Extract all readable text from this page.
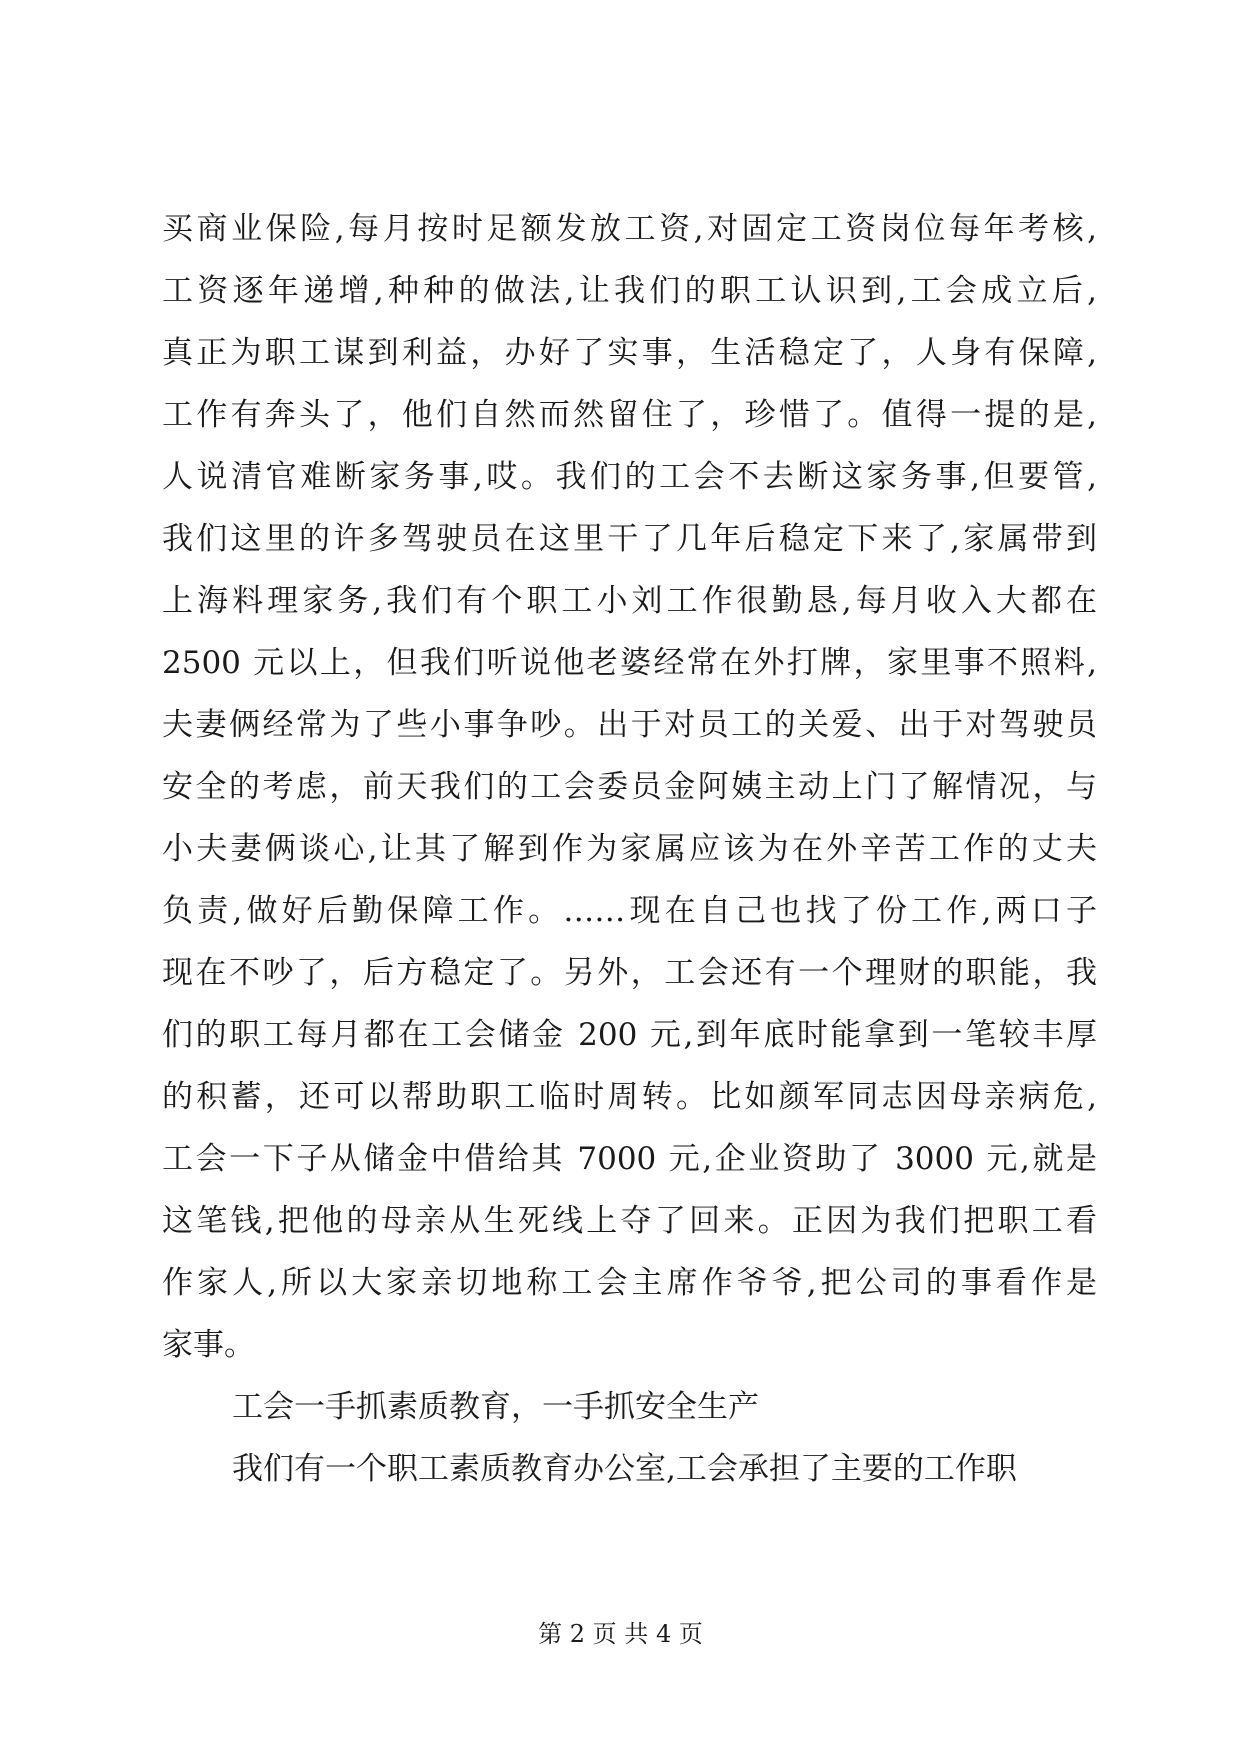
买商业保险,每月按时足额发放工资,对固定工资岗位每年考核,
工资逐年递增,种种的做法,让我们的职工认识到,工会成立后,
真正为职工谋到利益，办好了实事，生活稳定了，人身有保障,
工作有奔头了，他们自然而然留住了，珍惜了。值得一提的是,
人说清官难断家务事,哎。我们的工会不去断这家务事,但要管,
我们这里的许多驾驶员在这里干了几年后稳定下来了,家属带到
上海料理家务,我们有个职工小刘工作很勤恳,每月收入大都在
2500 元以上，但我们听说他老婆经常在外打牌，家里事不照料,
夫妻俩经常为了些小事争吵。出于对员工的关爱、出于对驾驶员
安全的考虑，前天我们的工会委员金阿姨主动上门了解情况，与
小夫妻俩谈心,让其了解到作为家属应该为在外辛苦工作的丈夫
负责,做好后勤保障工作。……现在自己也找了份工作,两口子
现在不吵了，后方稳定了。另外，工会还有一个理财的职能，我
们的职工每月都在工会储金 200 元,到年底时能拿到一笔较丰厚
的积蓄，还可以帮助职工临时周转。比如颜军同志因母亲病危,
工会一下子从储金中借给其 7000 元,企业资助了 3000 元,就是
这笔钱,把他的母亲从生死线上夺了回来。正因为我们把职工看
作家人,所以大家亲切地称工会主席作爷爷,把公司的事看作是
家事。
工会一手抓素质教育，一手抓安全生产
我们有一个职工素质教育办公室,工会承担了主要的工作职
第 2 页 共 4 页
